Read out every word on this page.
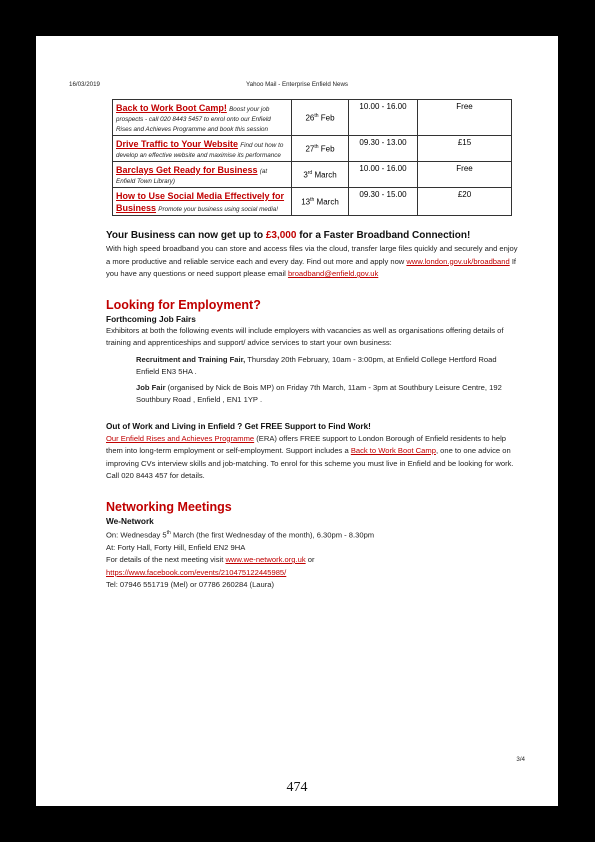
16/03/2019	Yahoo Mail - Enterprise Enfield News
3/4
Back to Work Boot Camp! Boost your job prospects - call 020 8443 5457 to enrol onto our Enfield Rises and Achieves Programme and book this session	26th Feb	10.00 - 16.00	Free
Drive Traffic to Your Website Find out how to develop an effective website and maximise its performance	27th Feb	09.30 - 13.00	£15
Barclays Get Ready for Business (at Enfield Town Library)	3rd March	10.00 - 16.00	Free
How to Use Social Media Effectively for Business Promote your business using social media!	13th March	09.30 - 15.00	£20
Your Business can now get up to £3,000 for a Faster Broadband Connection!

With high speed broadband you can store and access files via the cloud, transfer large files quickly and securely and enjoy a more productive and reliable service each and every day. Find out more and apply now www.london.gov.uk/broadband If you have any questions or need support please email broadband@enfield.gov.uk

Looking for Employment?
Forthcoming Job Fairs

Exhibitors at both the following events will include employers with vacancies as well as organisations offering details of training and apprenticeships and support/ advice services to start your own business:

Recruitment and Training Fair, Thursday 20th February, 10am - 3:00pm, at Enfield College Hertford Road Enfield EN3 5HA .

Job Fair (organised by Nick de Bois MP) on Friday 7th March, 11am - 3pm at Southbury Leisure Centre, 192 Southbury Road , Enfield , EN1 1YP .

Out of Work and Living in Enfield ? Get FREE Support to Find Work!

Our Enfield Rises and Achieves Programme (ERA) offers FREE support to London Borough of Enfield residents to help them into long-term employment or self-employment. Support includes a Back to Work Boot Camp, one to one advice on improving CVs interview skills and job-matching. To enrol for this scheme you must live in Enfield and be looking for work. Call 020 8443 457 for details.

Networking Meetings
We-Network

On: Wednesday 5th March (the first Wednesday of the month), 6.30pm - 8.30pm

At: Forty Hall, Forty Hill, Enfield EN2 9HA

For details of the next meeting visit www.we-network.org.uk or

https://www.facebook.com/events/210475122445985/

Tel: 07946 551719 (Mel) or 07786 260284 (Laura)

474
